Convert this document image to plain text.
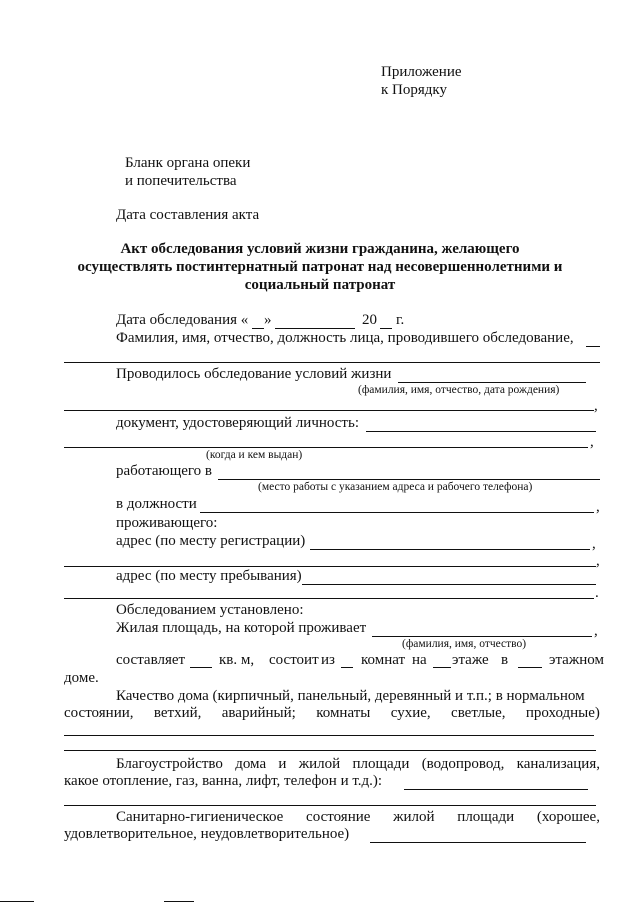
Приложение
к Порядку
Бланк органа опеки
и попечительства
Дата составления акта
Акт обследования условий жизни гражданина, желающего
осуществлять постинтернатный патронат над несовершеннолетними и
социальный патронат
Дата обследования « »	20 г.
Фамилия, имя, отчество, должность лица, проводившего обследование,
Проводилось обследование условий жизни
(фамилия, имя, отчество, дата рождения)
,
документ, удостоверяющий личность:
,
(когда и кем выдан)
работающего в
(место работы с указанием адреса и рабочего телефона)
в должности	,
проживающего:
адрес (по месту регистрации)	,
,
адрес (по месту пребывания)
.
Обследованием установлено:
Жилая площадь, на которой проживает	,
(фамилия, имя, отчество)
составляет кв. м, состоит из комнат на этаже в	этажном
доме.
Качество дома (кирпичный, панельный, деревянный и т.п.; в нормальном
состоянии, ветхий, аварийный; комнаты сухие, светлые, проходные)
Благоустройство дома и жилой площади (водопровод, канализация,
какое отопление, газ, ванна, лифт, телефон и т.д.):
Санитарно-гигиеническое состояние жилой площади (хорошее,
удовлетворительное, неудовлетворительное)
